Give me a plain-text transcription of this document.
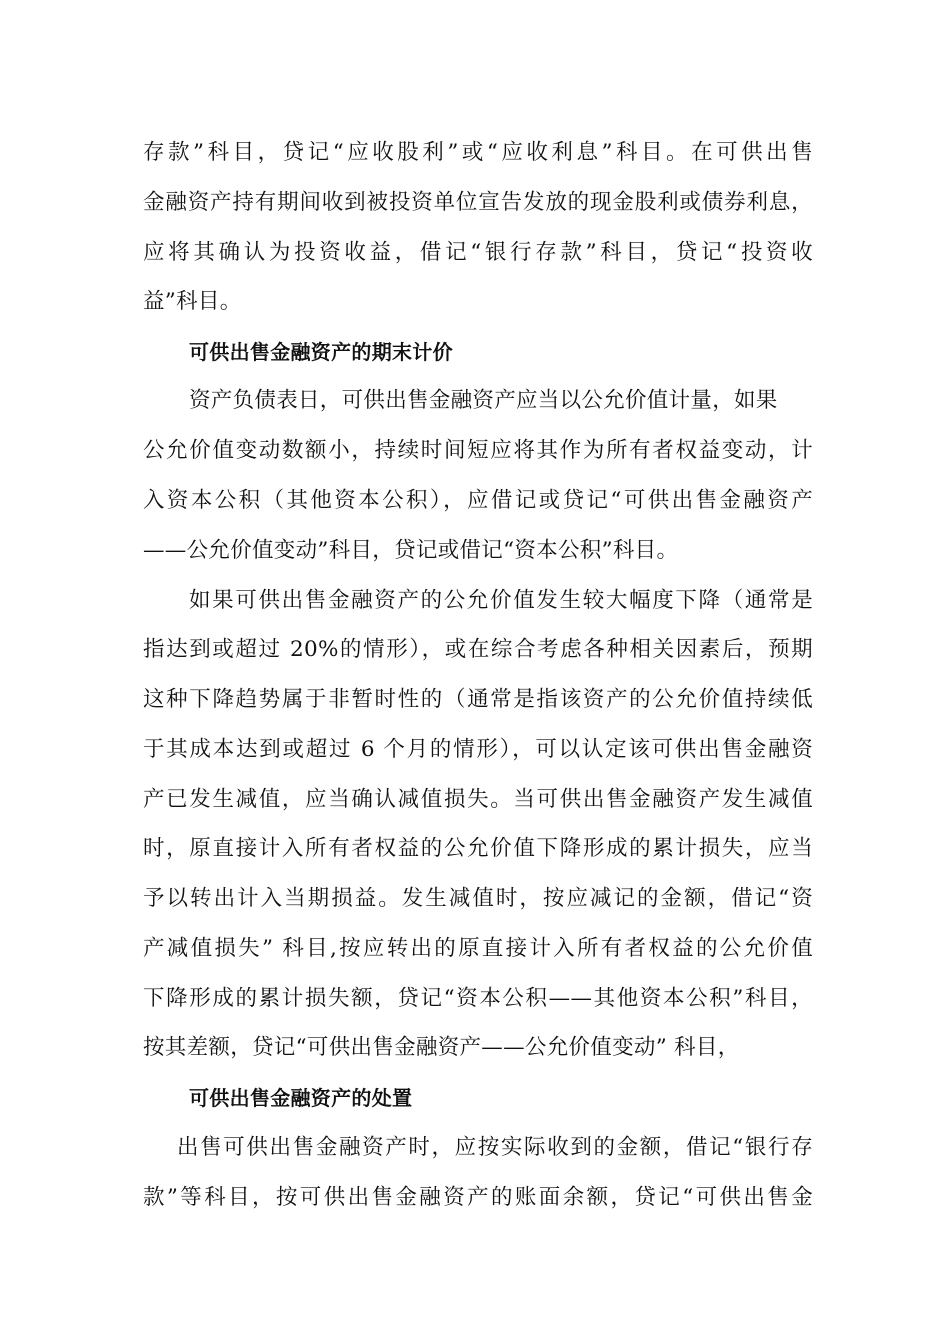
存款”科目，贷记“应收股利”或“应收利息”科目。在可供出售
金融资产持有期间收到被投资单位宣告发放的现金股利或债券利息，
应将其确认为投资收益，借记“银行存款”科目，贷记“投资收
益”科目。
可供出售金融资产的期末计价
资产负债表日，可供出售金融资产应当以公允价值计量，如果
公允价值变动数额小，持续时间短应将其作为所有者权益变动，计
入资本公积（其他资本公积），应借记或贷记“可供出售金融资产
——公允价值变动”科目，贷记或借记“资本公积”科目。
如果可供出售金融资产的公允价值发生较大幅度下降（通常是
指达到或超过 20%的情形），或在综合考虑各种相关因素后，预期
这种下降趋势属于非暂时性的（通常是指该资产的公允价值持续低
于其成本达到或超过 6 个月的情形），可以认定该可供出售金融资
产已发生减值，应当确认减值损失。当可供出售金融资产发生减值
时，原直接计入所有者权益的公允价值下降形成的累计损失，应当
予以转出计入当期损益。发生减值时，按应减记的金额，借记“资
产减值损失” 科目,按应转出的原直接计入所有者权益的公允价值
下降形成的累计损失额，贷记“资本公积——其他资本公积”科目，
按其差额，贷记“可供出售金融资产——公允价值变动” 科目，
可供出售金融资产的处置
出售可供出售金融资产时，应按实际收到的金额，借记“银行存
款”等科目，按可供出售金融资产的账面余额，贷记“可供出售金
